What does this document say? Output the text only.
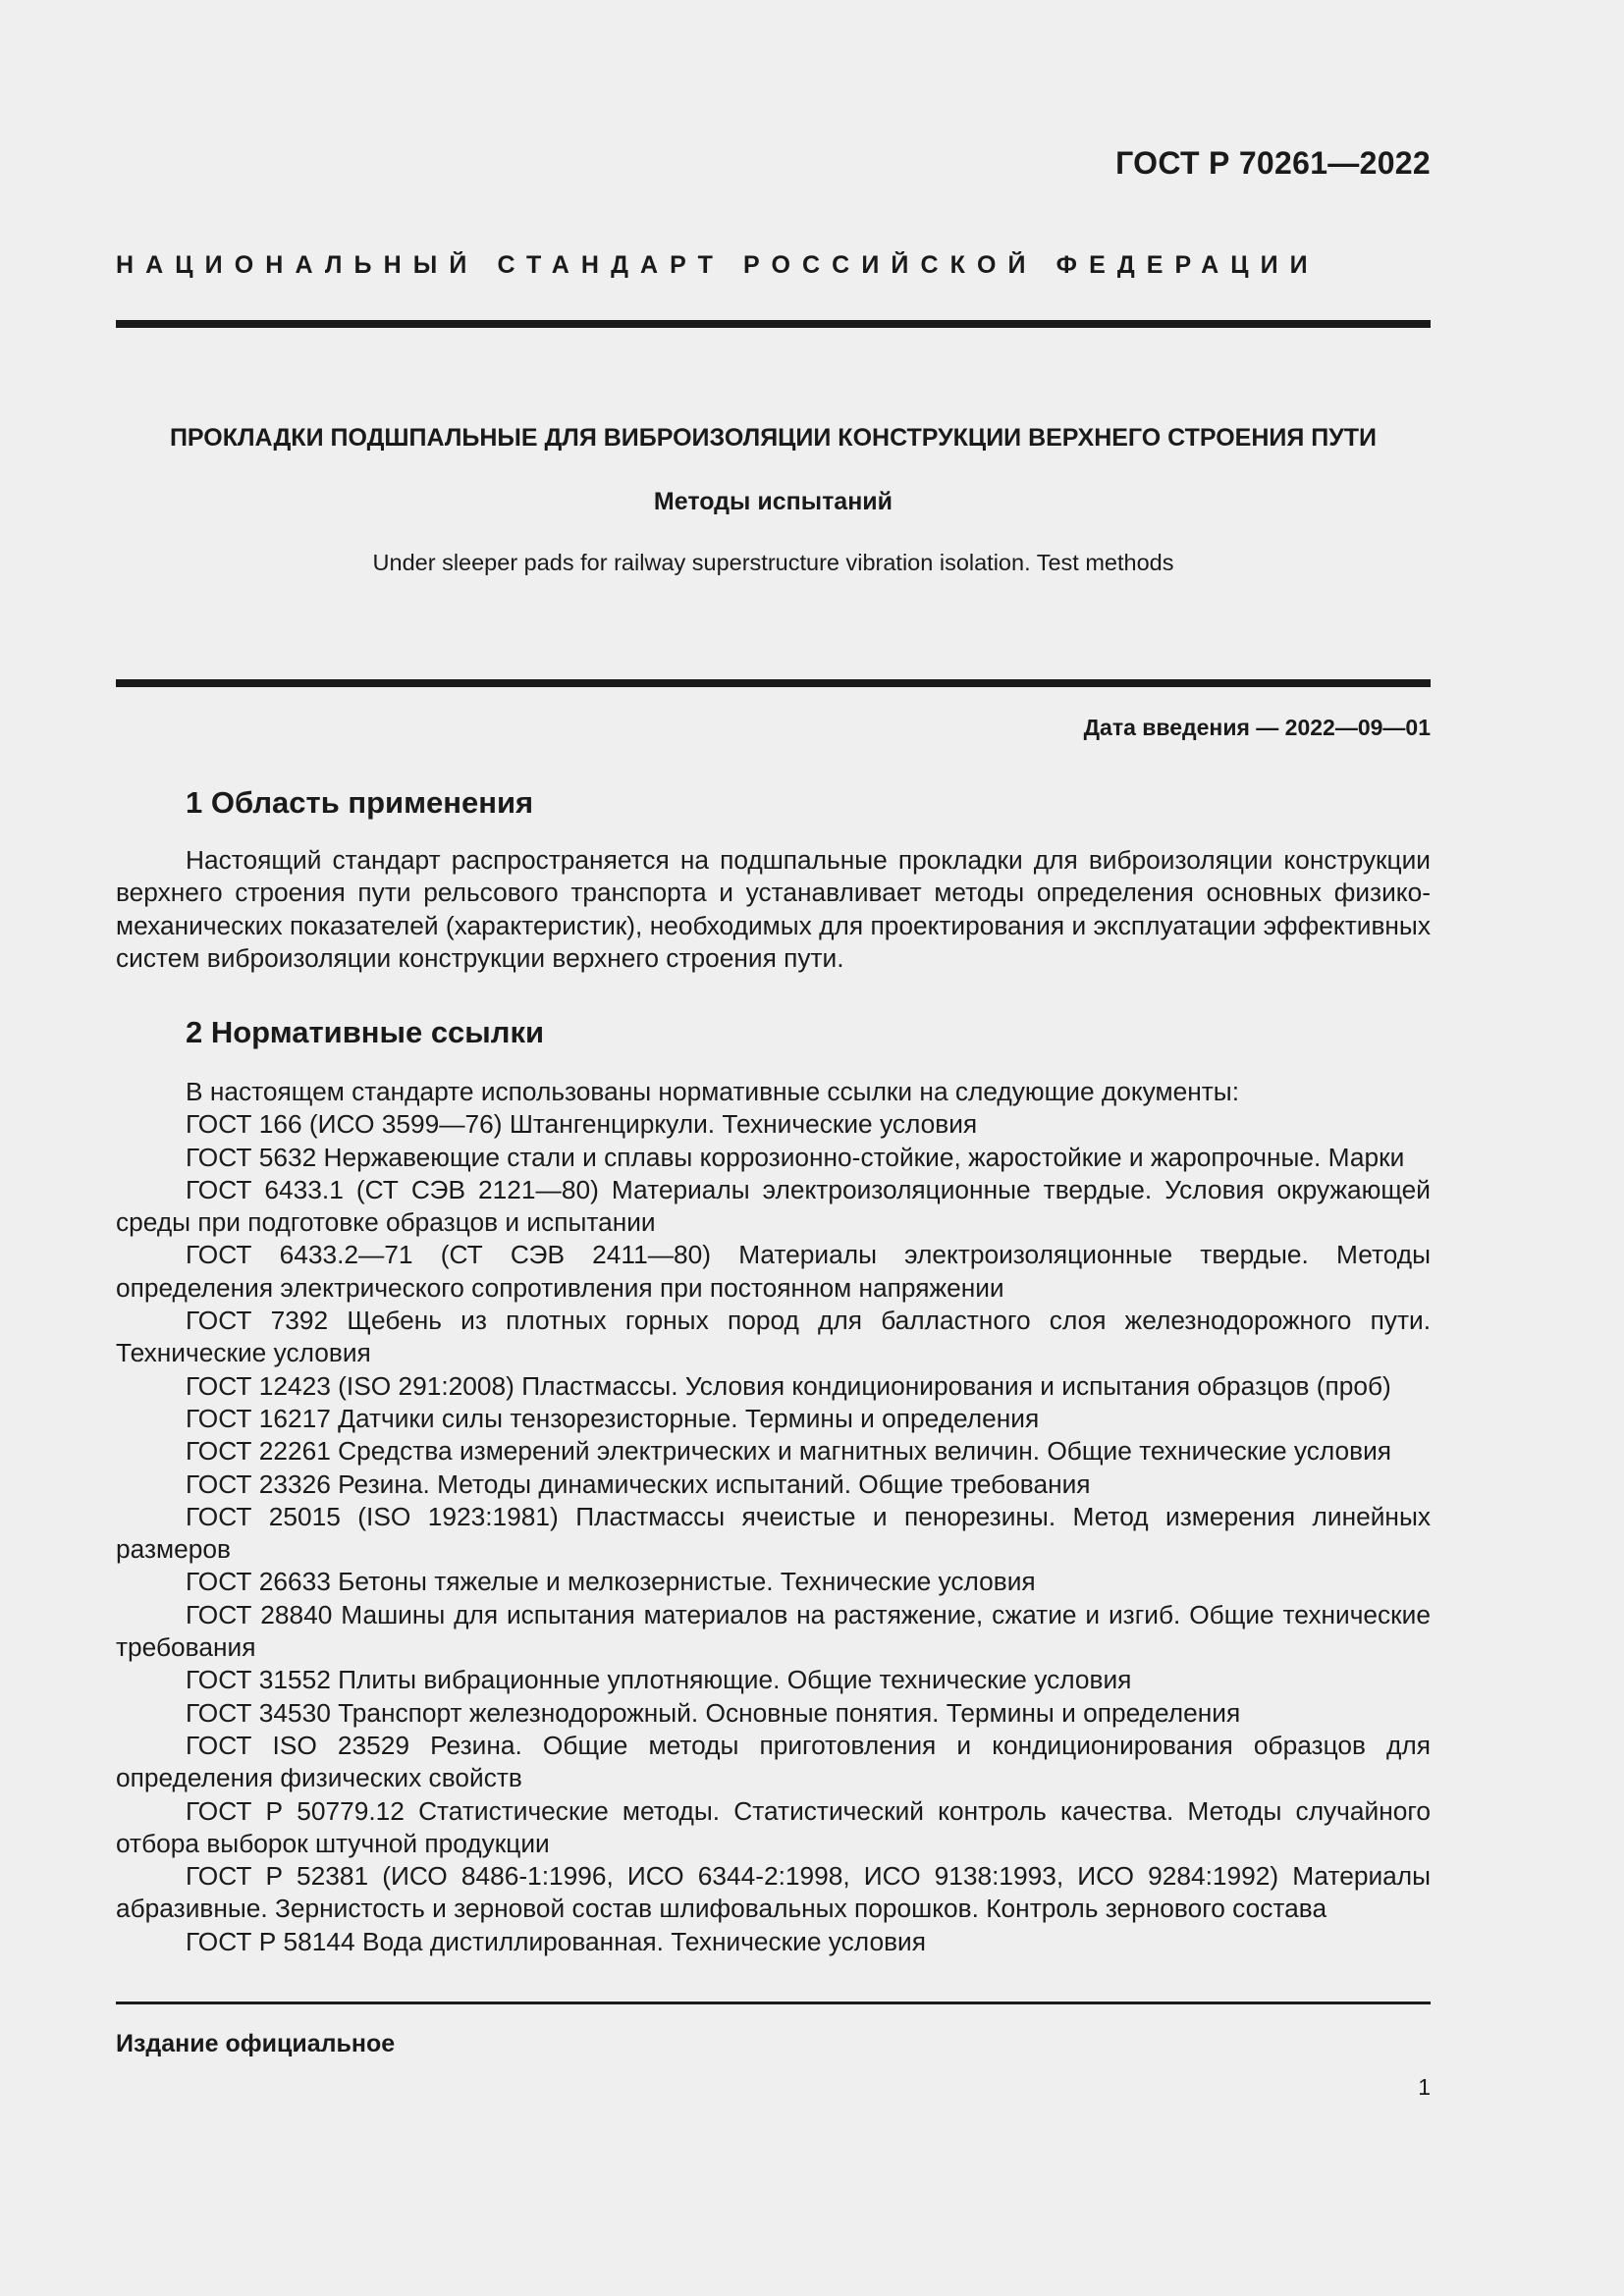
ГОСТ Р 70261—2022
НАЦИОНАЛЬНЫЙ СТАНДАРТ РОССИЙСКОЙ ФЕДЕРАЦИИ
ПРОКЛАДКИ ПОДШПАЛЬНЫЕ ДЛЯ ВИБРОИЗОЛЯЦИИ КОНСТРУКЦИИ ВЕРХНЕГО СТРОЕНИЯ ПУТИ
Методы испытаний
Under sleeper pads for railway superstructure vibration isolation. Test methods
Дата введения — 2022—09—01
1 Область применения

Настоящий стандарт распространяется на подшпальные прокладки для виброизоляции конструкции верхнего строения пути рельсового транспорта и устанавливает методы определения основных физико-механических показателей (характеристик), необходимых для проектирования и эксплуатации эффективных систем виброизоляции конструкции верхнего строения пути.

2 Нормативные ссылки

В настоящем стандарте использованы нормативные ссылки на следующие документы:

ГОСТ 166 (ИСО 3599—76) Штангенциркули. Технические условия

ГОСТ 5632 Нержавеющие стали и сплавы коррозионно-стойкие, жаростойкие и жаропрочные. Марки

ГОСТ 6433.1 (СТ СЭВ 2121—80) Материалы электроизоляционные твердые. Условия окружающей среды при подготовке образцов и испытании

ГОСТ 6433.2—71 (СТ СЭВ 2411—80) Материалы электроизоляционные твердые. Методы определения электрического сопротивления при постоянном напряжении

ГОСТ 7392 Щебень из плотных горных пород для балластного слоя железнодорожного пути. Технические условия

ГОСТ 12423 (ISO 291:2008) Пластмассы. Условия кондиционирования и испытания образцов (проб)

ГОСТ 16217 Датчики силы тензорезисторные. Термины и определения

ГОСТ 22261 Средства измерений электрических и магнитных величин. Общие технические условия

ГОСТ 23326 Резина. Методы динамических испытаний. Общие требования

ГОСТ 25015 (ISO 1923:1981) Пластмассы ячеистые и пенорезины. Метод измерения линейных размеров

ГОСТ 26633 Бетоны тяжелые и мелкозернистые. Технические условия

ГОСТ 28840 Машины для испытания материалов на растяжение, сжатие и изгиб. Общие технические требования

ГОСТ 31552 Плиты вибрационные уплотняющие. Общие технические условия

ГОСТ 34530 Транспорт железнодорожный. Основные понятия. Термины и определения

ГОСТ ISO 23529 Резина. Общие методы приготовления и кондиционирования образцов для определения физических свойств

ГОСТ Р 50779.12 Статистические методы. Статистический контроль качества. Методы случайного отбора выборок штучной продукции

ГОСТ Р 52381 (ИСО 8486-1:1996, ИСО 6344-2:1998, ИСО 9138:1993, ИСО 9284:1992) Материалы абразивные. Зернистость и зерновой состав шлифовальных порошков. Контроль зернового состава

ГОСТ Р 58144 Вода дистиллированная. Технические условия

Издание официальное
1
